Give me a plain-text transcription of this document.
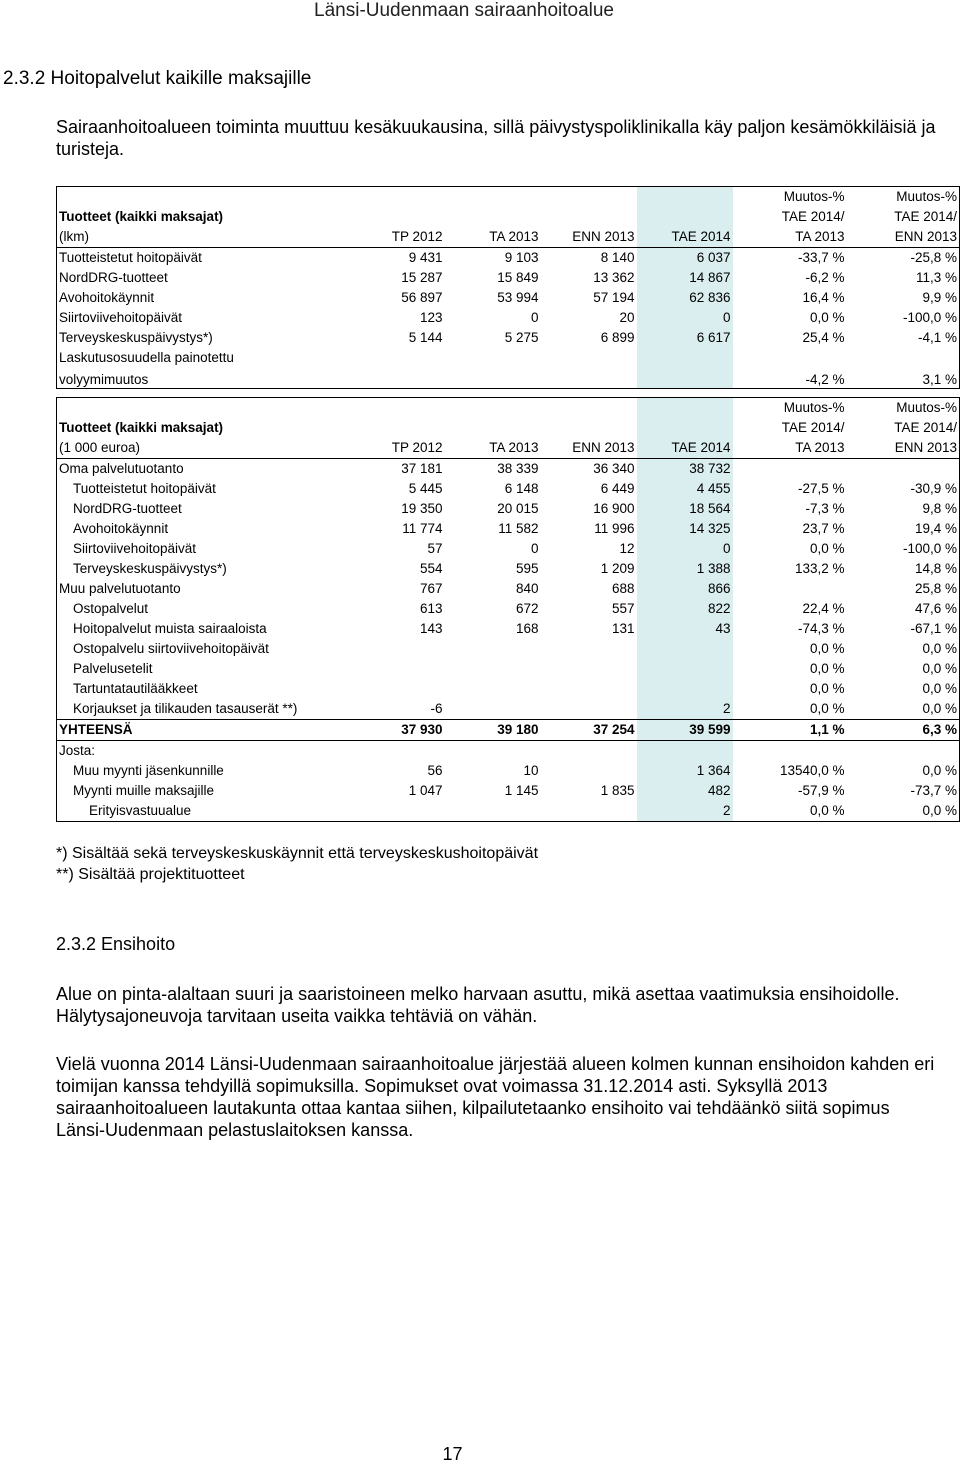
Länsi-Uudenmaan sairaanhoitoalue
2.3.2 Hoitopalvelut kaikille maksajille
Sairaanhoitoalueen toiminta muuttuu kesäkuukausina, sillä päivystyspoliklinikalla käy paljon kesämökkiläisiä ja turisteja.
					Muutos-%	Muutos-%
Tuotteet (kaikki maksajat)					TAE 2014/	TAE 2014/
(lkm)	TP 2012	TA 2013	ENN 2013	TAE 2014	TA 2013	ENN 2013
Tuotteistetut hoitopäivät	9 431	9 103	8 140	6 037	-33,7 %	-25,8 %
NordDRG-tuotteet	15 287	15 849	13 362	14 867	-6,2 %	11,3 %
Avohoitokäynnit	56 897	53 994	57 194	62 836	16,4 %	9,9 %
Siirtoviivehoitopäivät	123	0	20	0	0,0 %	-100,0 %
Terveyskeskuspäivystys*)	5 144	5 275	6 899	6 617	25,4 %	-4,1 %
Laskutusosuudella painotettu						
volyymimuutos					-4,2 %	3,1 %
					Muutos-%	Muutos-%
Tuotteet (kaikki maksajat)					TAE 2014/	TAE 2014/
(1 000 euroa)	TP 2012	TA 2013	ENN 2013	TAE 2014	TA 2013	ENN 2013
Oma palvelutuotanto	37 181	38 339	36 340	38 732		
Tuotteistetut hoitopäivät	5 445	6 148	6 449	4 455	-27,5 %	-30,9 %
NordDRG-tuotteet	19 350	20 015	16 900	18 564	-7,3 %	9,8 %
Avohoitokäynnit	11 774	11 582	11 996	14 325	23,7 %	19,4 %
Siirtoviivehoitopäivät	57	0	12	0	0,0 %	-100,0 %
Terveyskeskuspäivystys*)	554	595	1 209	1 388	133,2 %	14,8 %
Muu palvelutuotanto	767	840	688	866		25,8 %
Ostopalvelut	613	672	557	822	22,4 %	47,6 %
Hoitopalvelut muista sairaaloista	143	168	131	43	-74,3 %	-67,1 %
Ostopalvelu siirtoviivehoitopäivät					0,0 %	0,0 %
Palvelusetelit					0,0 %	0,0 %
Tartuntatautilääkkeet					0,0 %	0,0 %
Korjaukset ja tilikauden tasauserät **)	-6			2	0,0 %	0,0 %
YHTEENSÄ	37 930	39 180	37 254	39 599	1,1 %	6,3 %
Josta:						
Muu myynti jäsenkunnille	56	10		1 364	13540,0 %	0,0 %
Myynti muille maksajille	1 047	1 145	1 835	482	-57,9 %	-73,7 %
Erityisvastuualue				2	0,0 %	0,0 %
*) Sisältää sekä terveyskeskuskäynnit että terveyskeskushoitopäivät
**) Sisältää projektituotteet
2.3.2 Ensihoito
Alue on pinta-alaltaan suuri ja saaristoineen melko harvaan asuttu, mikä asettaa vaatimuksia ensihoidolle. Hälytysajoneuvoja tarvitaan useita vaikka tehtäviä on vähän.
Vielä vuonna 2014 Länsi-Uudenmaan sairaanhoitoalue järjestää alueen kolmen kunnan ensihoidon kahden eri toimijan kanssa tehdyillä sopimuksilla. Sopimukset ovat voimassa 31.12.2014 asti. Syksyllä 2013 sairaanhoitoalueen lautakunta ottaa kantaa siihen, kilpailutetaanko ensihoito vai tehdäänkö siitä sopimus Länsi-Uudenmaan pelastuslaitoksen kanssa.
17
